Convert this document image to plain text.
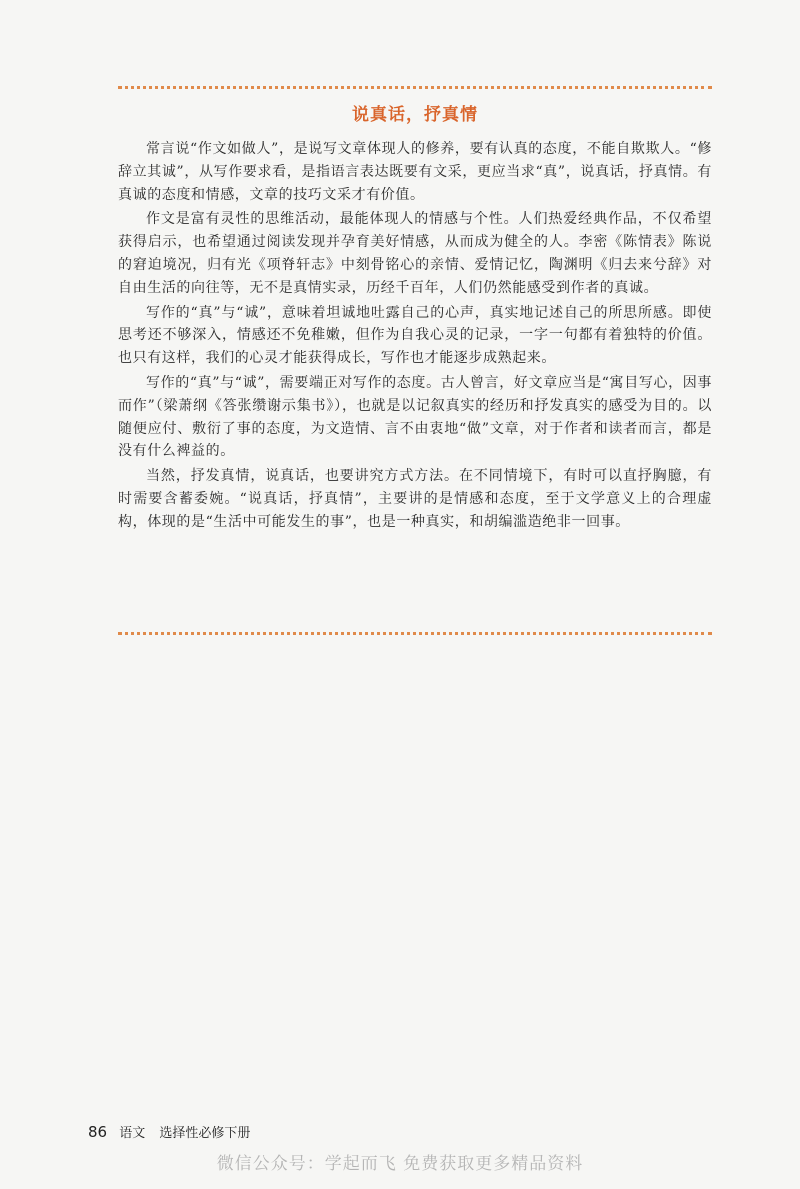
说真话，抒真情

常言说“作文如做人”，是说写文章体现人的修养，要有认真的态度，不能自欺欺人。“修辞立其诚”，从写作要求看，是指语言表达既要有文采，更应当求“真”，说真话，抒真情。有真诚的态度和情感，文章的技巧文采才有价值。

作文是富有灵性的思维活动，最能体现人的情感与个性。人们热爱经典作品，不仅希望获得启示，也希望通过阅读发现并孕育美好情感，从而成为健全的人。李密《陈情表》陈说的窘迫境况，归有光《项脊轩志》中刻骨铭心的亲情、爱情记忆，陶渊明《归去来兮辞》对自由生活的向往等，无不是真情实录，历经千百年，人们仍然能感受到作者的真诚。

写作的“真”与“诚”，意味着坦诚地吐露自己的心声，真实地记述自己的所思所感。即使思考还不够深入，情感还不免稚嫩，但作为自我心灵的记录，一字一句都有着独特的价值。也只有这样，我们的心灵才能获得成长，写作也才能逐步成熟起来。

写作的“真”与“诚”，需要端正对写作的态度。古人曾言，好文章应当是“寓目写心，因事而作”（梁萧纲《答张缵谢示集书》），也就是以记叙真实的经历和抒发真实的感受为目的。以随便应付、敷衍了事的态度，为文造情、言不由衷地“做”文章，对于作者和读者而言，都是没有什么裨益的。

当然，抒发真情，说真话，也要讲究方式方法。在不同情境下，有时可以直抒胸臆，有时需要含蓄委婉。“说真话，抒真情”，主要讲的是情感和态度，至于文学意义上的合理虚构，体现的是“生活中可能发生的事”，也是一种真实，和胡编滥造绝非一回事。

86 语文 选择性必修下册
微信公众号：学起而飞 免费获取更多精品资料
